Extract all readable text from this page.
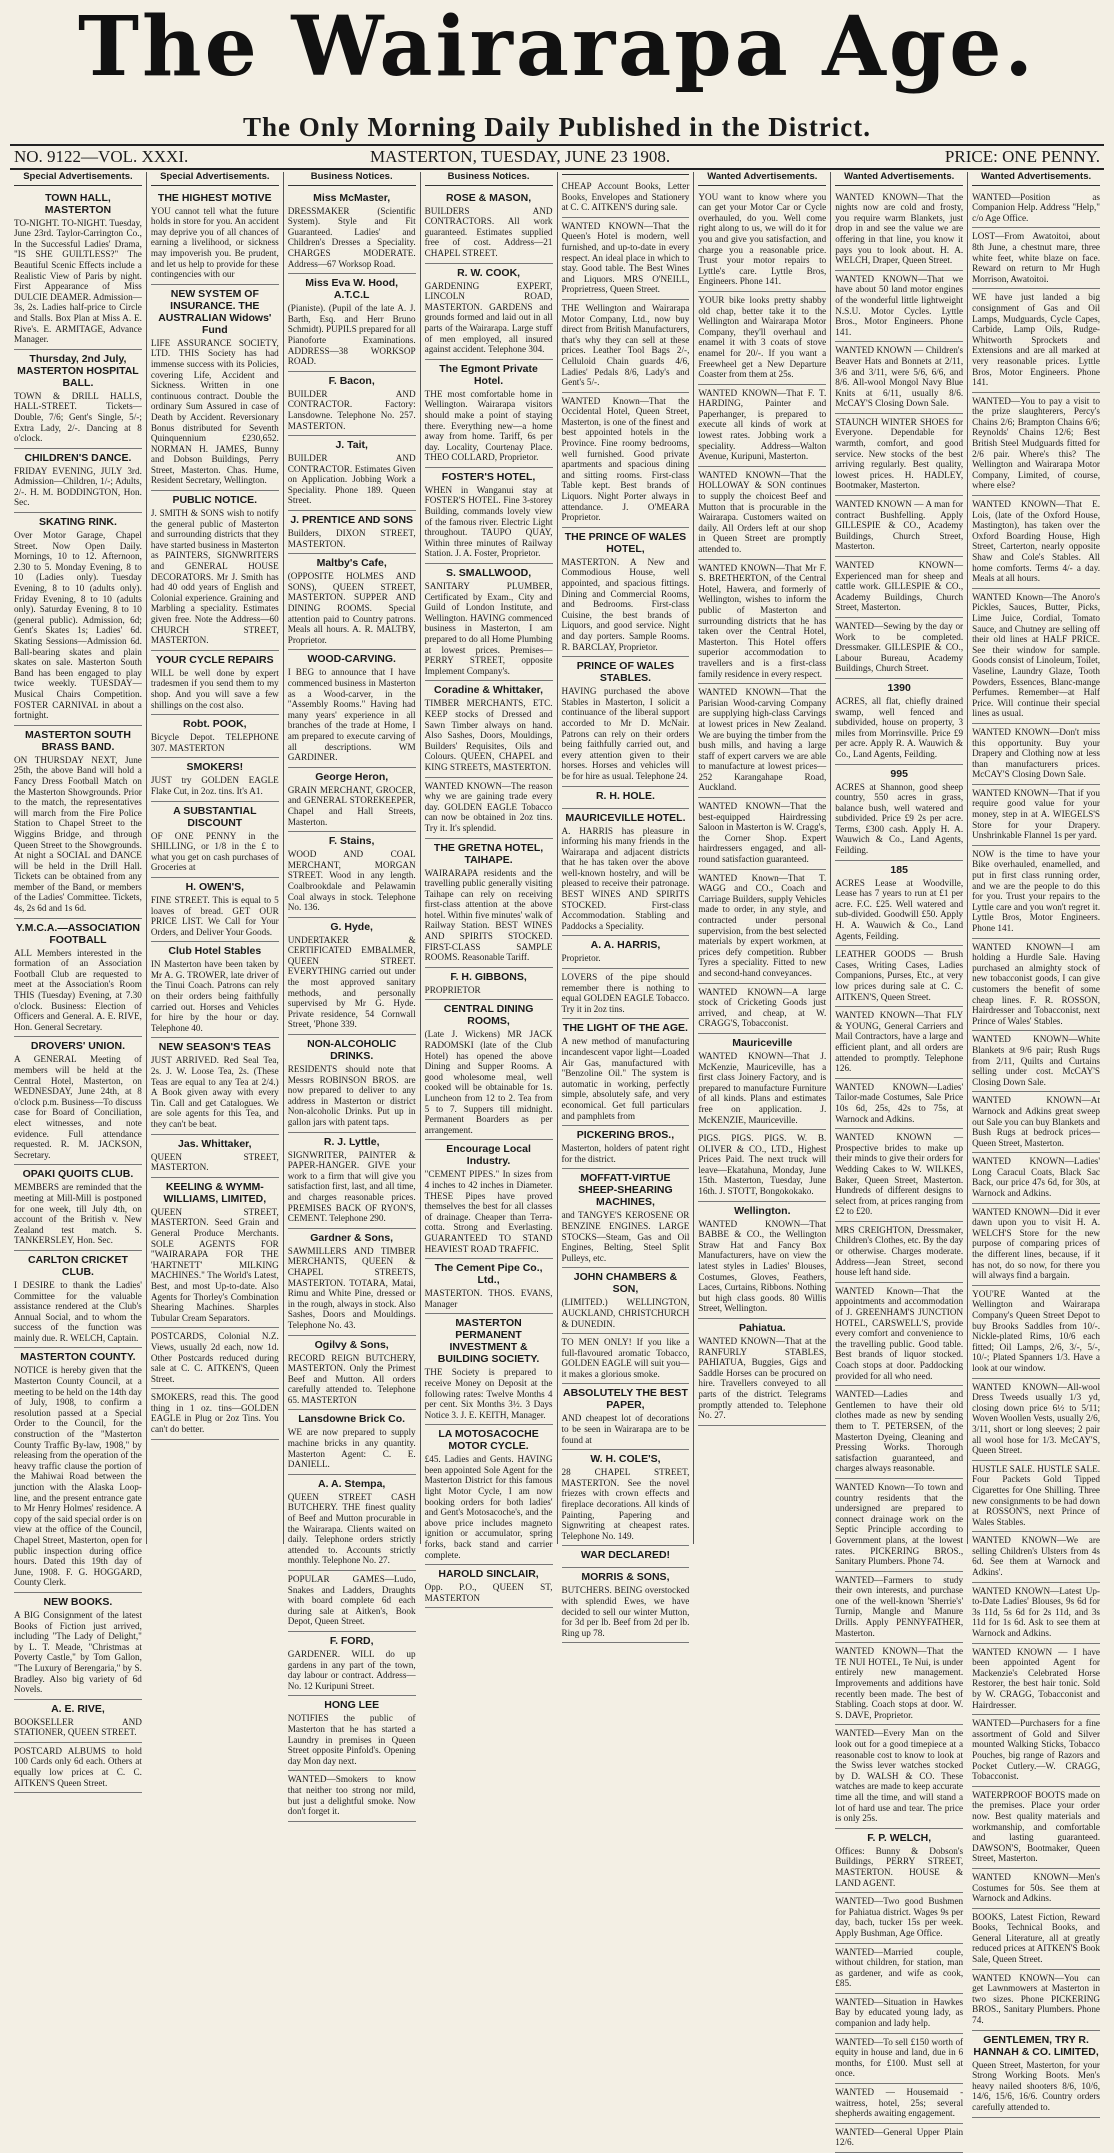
The Wairarapa Age.
The Only Morning Daily Published in the District.
NO. 9122—VOL. XXXI.	MASTERTON, TUESDAY, JUNE 23 1908.	PRICE: ONE PENNY.
Special Advertisements.
TOWN HALL, MASTERTON

TO-NIGHT. TO-NIGHT. Tuesday, June 23rd. Taylor-Carrington Co., In the Successful Ladies' Drama, "IS SHE GUILTLESS?" The Beautiful Scenic Effects include a Realistic View of Paris by night. First Appearance of Miss DULCIE DEAMER. Admission—3s, 2s. Ladies half-price to Circle and Stalls. Box Plan at Miss A. E. Rive's. E. ARMITAGE, Advance Manager.

Thursday, 2nd July, MASTERTON HOSPITAL BALL.

TOWN & DRILL HALLS, HALL-STREET. Tickets—Double, 7/6; Gent's Single, 5/-; Extra Lady, 2/-. Dancing at 8 o'clock.

CHILDREN'S DANCE.

FRIDAY EVENING, JULY 3rd. Admission—Children, 1/-; Adults, 2/-. H. M. BODDINGTON, Hon. Sec.

SKATING RINK.

Over Motor Garage, Chapel Street. Now Open Daily. Mornings, 10 to 12. Afternoon, 2.30 to 5. Monday Evening, 8 to 10 (Ladies only). Tuesday Evening, 8 to 10 (adults only). Friday Evening, 8 to 10 (adults only). Saturday Evening, 8 to 10 (general public). Admission, 6d; Gent's Skates 1s; Ladies' 6d. Skating Sessions—Admission 6d. Ball-bearing skates and plain skates on sale. Masterton South Band has been engaged to play twice weekly. TUESDAY—Musical Chairs Competition. FOSTER CARNIVAL in about a fortnight.

MASTERTON SOUTH BRASS BAND.

ON THURSDAY NEXT, June 25th, the above Band will hold a Fancy Dress Football Match on the Masterton Showgrounds. Prior to the match, the representatives will march from the Fire Police Station to Chapel Street to the Wiggins Bridge, and through Queen Street to the Showgrounds. At night a SOCIAL and DANCE will be held in the Drill Hall. Tickets can be obtained from any member of the Band, or members of the Ladies' Committee. Tickets, 4s, 2s 6d and 1s 6d.

Y.M.C.A.—ASSOCIATION FOOTBALL

ALL Members interested in the formation of an Association Football Club are requested to meet at the Association's Room THIS (Tuesday) Evening, at 7.30 o'clock. Business: Election of Officers and General. A. E. RIVE, Hon. General Secretary.

DROVERS' UNION.

A GENERAL Meeting of members will be held at the Central Hotel, Masterton, on WEDNESDAY, June 24th, at 8 o'clock p.m. Business—To discuss case for Board of Conciliation, elect witnesses, and note evidence. Full attendance requested. R. M. JACKSON, Secretary.

OPAKI QUOITS CLUB.

MEMBERS are reminded that the meeting at Mill-Mill is postponed for one week, till July 4th, on account of the British v. New Zealand test match. S. TANKERSLEY, Hon. Sec.

CARLTON CRICKET CLUB.

I DESIRE to thank the Ladies' Committee for the valuable assistance rendered at the Club's Annual Social, and to whom the success of the function was mainly due. R. WELCH, Captain.

MASTERTON COUNTY.

NOTICE is hereby given that the Masterton County Council, at a meeting to be held on the 14th day of July, 1908, to confirm a resolution passed at a Special Order to the Council, for the construction of the "Masterton County Traffic By-law, 1908," by releasing from the operation of the heavy traffic clause the portion of the Mahiwai Road between the junction with the Alaska Loop-line, and the present entrance gate to Mr Henry Holmes' residence. A copy of the said special order is on view at the office of the Council, Chapel Street, Masterton, open for public inspection during office hours. Dated this 19th day of June, 1908. F. G. HOGGARD, County Clerk.

NEW BOOKS.

A BIG Consignment of the latest Books of Fiction just arrived, including "The Lady of Delight," by L. T. Meade, "Christmas at Poverty Castle," by Tom Gallon, "The Luxury of Berengaria," by S. Bradley. Also big variety of 6d Novels.

A. E. RIVE,

BOOKSELLER AND STATIONER, QUEEN STREET.

POSTCARD ALBUMS to hold 100 Cards only 6d each. Others at equally low prices at C. C. AITKEN'S Queen Street.

Special Advertisements.
THE HIGHEST MOTIVE

YOU cannot tell what the future holds in store for you. An accident may deprive you of all chances of earning a livelihood, or sickness may impoverish you. Be prudent, and let us help to provide for these contingencies with our

NEW SYSTEM OF INSURANCE. THE AUSTRALIAN Widows' Fund

LIFE ASSURANCE SOCIETY, LTD. THIS Society has had immense success with its Policies, covering Life, Accident and Sickness. Written in one continuous contract. Double the ordinary Sum Assured in case of Death by Accident. Reversionary Bonus distributed for Seventh Quinquennium £230,652. NORMAN H. JAMES, Bunny and Dobson Buildings, Perry Street, Masterton. Chas. Hume, Resident Secretary, Wellington.

PUBLIC NOTICE.

J. SMITH & SONS wish to notify the general public of Masterton and surrounding districts that they have started business in Masterton as PAINTERS, SIGNWRITERS and GENERAL HOUSE DECORATORS. Mr J. Smith has had 40 odd years of English and Colonial experience. Graining and Marbling a speciality. Estimates given free. Note the Address—60 CHURCH STREET, MASTERTON.

YOUR CYCLE REPAIRS

WILL be well done by expert tradesmen if you send them to my shop. And you will save a few shillings on the cost also.

Robt. POOK,

Bicycle Depot. TELEPHONE 307. MASTERTON

SMOKERS!

JUST try GOLDEN EAGLE Flake Cut, in 2oz. tins. It's A1.

A SUBSTANTIAL DISCOUNT

OF ONE PENNY in the SHILLING, or 1/8 in the £ to what you get on cash purchases of Groceries at

H. OWEN'S,

FINE STREET. This is equal to 5 loaves of bread. GET OUR PRICE LIST. We Call for Your Orders, and Deliver Your Goods.

Club Hotel Stables

IN Masterton have been taken by Mr A. G. TROWER, late driver of the Tinui Coach. Patrons can rely on their orders being faithfully carried out. Horses and Vehicles for hire by the hour or day. Telephone 40.

NEW SEASON'S TEAS

JUST ARRIVED. Red Seal Tea, 2s. J. W. Loose Tea, 2s. (These Teas are equal to any Tea at 2/4.) A Book given away with every Tin. Call and get Catalogues. We are sole agents for this Tea, and they can't be beat.

Jas. Whittaker,

QUEEN STREET, MASTERTON.

KEELING & WYMM-WILLIAMS, LIMITED,

QUEEN STREET, MASTERTON. Seed Grain and General Produce Merchants. SOLE AGENTS FOR "WAIRARAPA FOR THE 'HARTNETT' MILKING MACHINES." The World's Latest, Best, and most Up-to-date. Also Agents for Thorley's Combination Shearing Machines. Sharples Tubular Cream Separators.

POSTCARDS, Colonial N.Z. Views, usually 2d each, now 1d. Other Postcards reduced during sale at C. C. AITKEN'S, Queen Street.

SMOKERS, read this. The good thing in 1 oz. tins—GOLDEN EAGLE in Plug or 2oz Tins. You can't do better.

Business Notices.
Miss McMaster,

DRESSMAKER (Scientific System). Style and Fit Guaranteed. Ladies' and Children's Dresses a Speciality. CHARGES MODERATE. Address—67 Worksop Road.

Miss Eva W. Hood, A.T.C.L

(Pianiste). (Pupil of the late A. J. Barth, Esq. and Herr Bruno Schmidt). PUPILS prepared for all Pianoforte Examinations. ADDRESS—38 WORKSOP ROAD.

F. Bacon,

BUILDER AND CONTRACTOR. Factory: Lansdowne. Telephone No. 257. MASTERTON.

J. Tait,

BUILDER AND CONTRACTOR. Estimates Given on Application. Jobbing Work a Speciality. Phone 189. Queen Street.

J. PRENTICE AND SONS

Builders, DIXON STREET, MASTERTON.

Maltby's Cafe,

(OPPOSITE HOLMES AND SONS), QUEEN STREET, MASTERTON. SUPPER AND DINING ROOMS. Special attention paid to Country patrons. Meals all hours. A. R. MALTBY, Proprietor.

WOOD-CARVING.

I BEG to announce that I have commenced business in Masterton as a Wood-carver, in the "Assembly Rooms." Having had many years' experience in all branches of the trade at Home, I am prepared to execute carving of all descriptions. WM GARDINER.

George Heron,

GRAIN MERCHANT, GROCER, and GENERAL STOREKEEPER, Chapel and Hall Streets, Masterton.

F. Stains,

WOOD AND COAL MERCHANT, MORGAN STREET. Wood in any length. Coalbrookdale and Pelawamin Coal always in stock. Telephone No. 136.

G. Hyde,

UNDERTAKER & CERTIFICATED EMBALMER, QUEEN STREET. EVERYTHING carried out under the most approved sanitary methods, and personally supervised by Mr G. Hyde. Private residence, 54 Cornwall Street, 'Phone 339.

NON-ALCOHOLIC DRINKS.

RESIDENTS should note that Messrs ROBINSON BROS. are now prepared to deliver to any address in Masterton or district Non-alcoholic Drinks. Put up in gallon jars with patent taps.

R. J. Lyttle,

SIGNWRITER, PAINTER & PAPER-HANGER. GIVE your work to a firm that will give you satisfaction first, last, and all time, and charges reasonable prices. PREMISES BACK OF RYON'S, CEMENT. Telephone 290.

Gardner & Sons,

SAWMILLERS AND TIMBER MERCHANTS, QUEEN & CHAPEL STREETS, MASTERTON. TOTARA, Matai, Rimu and White Pine, dressed or in the rough, always in stock. Also Sashes, Doors and Mouldings. Telephone No. 43.

Ogilvy & Sons,

RECORD REIGN BUTCHERY, MASTERTON. Only the Primest Beef and Mutton. All orders carefully attended to. Telephone 65. MASTERTON

Lansdowne Brick Co.

WE are now prepared to supply machine bricks in any quantity. Masterton Agent: C. E. DANIELL.

A. A. Stempa,

QUEEN STREET CASH BUTCHERY. THE finest quality of Beef and Mutton procurable in the Wairarapa. Clients waited on daily. Telephone orders strictly attended to. Accounts strictly monthly. Telephone No. 27.

POPULAR GAMES—Ludo, Snakes and Ladders, Draughts with board complete 6d each during sale at Aitken's, Book Depot, Queen Street.

F. FORD,

GARDENER. WILL do up gardens in any part of the town, day labour or contract. Address—No. 12 Kuripuni Street.

HONG LEE

NOTIFIES the public of Masterton that he has started a Laundry in premises in Queen Street opposite Pinfold's. Opening day Mon day next.

WANTED—Smokers to know that neither too strong nor mild, but just a delightful smoke. Now don't forget it.

Business Notices.
ROSE & MASON,

BUILDERS AND CONTRACTORS. All work guaranteed. Estimates supplied free of cost. Address—21 CHAPEL STREET.

R. W. COOK,

GARDENING EXPERT, LINCOLN ROAD, MASTERTON. GARDENS and grounds formed and laid out in all parts of the Wairarapa. Large stuff of men employed, all insured against accident. Telephone 304.

The Egmont Private Hotel.

THE most comfortable home in Wellington. Wairarapa visitors should make a point of staying there. Everything new—a home away from home. Tariff, 6s per day. Locality, Courtenay Place. THEO COLLARD, Proprietor.

FOSTER'S HOTEL,

WHEN in Wanganui stay at FOSTER'S HOTEL. Fine 3-storey Building, commands lovely view of the famous river. Electric Light throughout. TAUPO QUAY, Within three minutes of Railway Station. J. A. Foster, Proprietor.

S. SMALLWOOD,

SANITARY PLUMBER, Certificated by Exam., City and Guild of London Institute, and Wellington. HAVING commenced business in Masterton, I am prepared to do all Home Plumbing at lowest prices. Premises—PERRY STREET, opposite Implement Company's.

Coradine & Whittaker,

TIMBER MERCHANTS, ETC. KEEP stocks of Dressed and Sawn Timber always on hand. Also Sashes, Doors, Mouldings, Builders' Requisites, Oils and Colours. QUEEN, CHAPEL and KING STREETS, MASTERTON.

WANTED KNOWN—The reason why we are gaining trade every day. GOLDEN EAGLE Tobacco can now be obtained in 2oz tins. Try it. It's splendid.

THE GRETNA HOTEL, TAIHAPE.

WAIRARAPA residents and the travelling public generally visiting Taihape can rely on receiving first-class attention at the above hotel. Within five minutes' walk of Railway Station. BEST WINES AND SPIRITS STOCKED. FIRST-CLASS SAMPLE ROOMS. Reasonable Tariff.

F. H. GIBBONS,

PROPRIETOR

CENTRAL DINING ROOMS,

(Late J. Wickens) MR JACK RADOMSKI (late of the Club Hotel) has opened the above Dining and Supper Rooms. A good wholesome meal, well cooked will be obtainable for 1s. Luncheon from 12 to 2. Tea from 5 to 7. Suppers till midnight. Permanent Boarders as per arrangement.

Encourage Local Industry.

"CEMENT PIPES." In sizes from 4 inches to 42 inches in Diameter. THESE Pipes have proved themselves the best for all classes of drainage. Cheaper than Terra-cotta. Strong and Everlasting. GUARANTEED TO STAND HEAVIEST ROAD TRAFFIC.

The Cement Pipe Co., Ltd.,

MASTERTON. THOS. EVANS, Manager

MASTERTON PERMANENT INVESTMENT & BUILDING SOCIETY.

THE Society is prepared to receive Money on Deposit at the following rates: Twelve Months 4 per cent. Six Months 3½. 3 Days Notice 3. J. E. KEITH, Manager.

LA MOTOSACOCHE MOTOR CYCLE.

£45. Ladies and Gents. HAVING been appointed Sole Agent for the Masterton District for this famous light Motor Cycle, I am now booking orders for both ladies' and Gent's Motosacoche's, and the above price includes magneto ignition or accumulator, spring forks, back stand and carrier complete.

HAROLD SINCLAIR,

Opp. P.O., QUEEN ST, MASTERTON

CHEAP Account Books, Letter Books, Envelopes and Stationery at C. C. AITKEN'S during sale.

WANTED KNOWN—That the Queen's Hotel is modern, well furnished, and up-to-date in every respect. An ideal place in which to stay. Good table. The Best Wines and Liquors. MRS O'NEILL, Proprietress, Queen Street.

THE Wellington and Wairarapa Motor Company, Ltd., now buy direct from British Manufacturers, that's why they can sell at these prices. Leather Tool Bags 2/-, Celluloid Chain guards 4/6, Ladies' Pedals 8/6, Lady's and Gent's 5/-.

WANTED Known—That the Occidental Hotel, Queen Street, Masterton, is one of the finest and best appointed hotels in the Province. Fine roomy bedrooms, well furnished. Good private apartments and spacious dining and sitting rooms. First-class Table kept. Best brands of Liquors. Night Porter always in attendance. J. O'MEARA Proprietor.

THE PRINCE OF WALES HOTEL,

MASTERTON. A New and Commodious House, well appointed, and spacious fittings. Dining and Commercial Rooms, and Bedrooms. First-class Cuisine, the best brands of Liquors, and good service. Night and day porters. Sample Rooms. R. BARCLAY, Proprietor.

PRINCE OF WALES STABLES.

HAVING purchased the above Stables in Masterton, I solicit a continuance of the liberal support accorded to Mr D. McNair. Patrons can rely on their orders being faithfully carried out, and every attention given to their horses. Horses and vehicles will be for hire as usual. Telephone 24.

R. H. HOLE.
MAURICEVILLE HOTEL.

A. HARRIS has pleasure in informing his many friends in the Wairarapa and adjacent districts that he has taken over the above well-known hostelry, and will be pleased to receive their patronage. BEST WINES AND SPIRITS STOCKED. First-class Accommodation. Stabling and Paddocks a Speciality.

A. A. HARRIS,

Proprietor.

LOVERS of the pipe should remember there is nothing to equal GOLDEN EAGLE Tobacco. Try it in 2oz tins.

THE LIGHT OF THE AGE.

A new method of manufacturing incandescent vapor light—Loaded Air Gas, manufactured with "Benzoline Oil." The system is automatic in working, perfectly simple, absolutely safe, and very economical. Get full particulars and pamphlets from

PICKERING BROS.,

Masterton, holders of patent right for the district.

MOFFATT-VIRTUE SHEEP-SHEARING MACHINES,

and TANGYE'S KEROSENE OR BENZINE ENGINES. LARGE STOCKS—Steam, Gas and Oil Engines, Belting, Steel Split Pulleys, etc.

JOHN CHAMBERS & SON,

(LIMITED.) WELLINGTON, AUCKLAND, CHRISTCHURCH & DUNEDIN.

TO MEN ONLY! If you like a full-flavoured aromatic Tobacco, GOLDEN EAGLE will suit you—it makes a glorious smoke.

ABSOLUTELY THE BEST PAPER,

AND cheapest lot of decorations to be seen in Wairarapa are to be found at

W. H. COLE'S,

28 CHAPEL STREET, MASTERTON. See the novel friezes with crown effects and fireplace decorations. All kinds of Painting, Papering and Signwriting at cheapest rates. Telephone No. 149.

WAR DECLARED!
MORRIS & SONS,

BUTCHERS. BEING overstocked with splendid Ewes, we have decided to sell our winter Mutton, for 3d per lb. Beef from 2d per lb. Ring up 78.

Wanted Advertisements.

YOU want to know where you can get your Motor Car or Cycle overhauled, do you. Well come right along to us, we will do it for you and give you satisfaction, and charge you a reasonable price. Trust your motor repairs to Lyttle's care. Lyttle Bros, Engineers. Phone 141.

YOUR bike looks pretty shabby old chap, better take it to the Wellington and Wairarapa Motor Company, they'll overhaul and enamel it with 3 coats of stove enamel for 20/-. If you want a Freewheel get a New Departure Coaster from them at 25s.

WANTED KNOWN—That F. T. HARDING, Painter and Paperhanger, is prepared to execute all kinds of work at lowest rates. Jobbing work a speciality. Address—Walton Avenue, Kuripuni, Masterton.

WANTED KNOWN—That the HOLLOWAY & SON continues to supply the choicest Beef and Mutton that is procurable in the Wairarapa. Customers waited on daily. All Orders left at our shop in Queen Street are promptly attended to.

WANTED KNOWN—That Mr F. S. BRETHERTON, of the Central Hotel, Hawera, and formerly of Wellington, wishes to inform the public of Masterton and surrounding districts that he has taken over the Central Hotel, Masterton. This Hotel offers superior accommodation to travellers and is a first-class family residence in every respect.

WANTED KNOWN—That the Parisian Wood-carving Company are supplying high-class Carvings at lowest prices in New Zealand. We are buying the timber from the bush mills, and having a large staff of expert carvers we are able to manufacture at lowest prices—252 Karangahape Road, Auckland.

WANTED KNOWN—That the best-equipped Hairdressing Saloon in Masterton is W. Cragg's, the Corner Shop. Expert hairdressers engaged, and all-round satisfaction guaranteed.

WANTED Known—That T. WAGG and CO., Coach and Carriage Builders, supply Vehicles made to order, in any style, and contracted under personal supervision, from the best selected materials by expert workmen, at prices defy competition. Rubber Tyres a speciality. Fitted to new and second-hand conveyances.

WANTED KNOWN—A large stock of Cricketing Goods just arrived, and cheap, at W. CRAGG'S, Tobacconist.

Mauriceville

WANTED KNOWN—That J. McKenzie, Mauriceville, has a first class Joinery Factory, and is prepared to manufacture Furniture of all kinds. Plans and estimates free on application. J. McKENZIE, Mauriceville.

PIGS. PIGS. PIGS. W. B. OLIVER & CO., LTD., Highest Prices Paid. The next truck will leave—Ekatahuna, Monday, June 15th. Masterton, Tuesday, June 16th. J. STOTT, Bongokokako.

Wellington.

WANTED KNOWN—That BABBE & CO., the Wellington Straw Hat and Fancy Box Manufacturers, have on view the latest styles in Ladies' Blouses, Costumes, Gloves, Feathers, Laces, Curtains, Ribbons. Nothing but high class goods. 80 Willis Street, Wellington.

Pahiatua.

WANTED KNOWN—That at the RANFURLY STABLES, PAHIATUA, Buggies, Gigs and Saddle Horses can be procured on hire. Travellers conveyed to all parts of the district. Telegrams promptly attended to. Telephone No. 27.

Wanted Advertisements.

WANTED KNOWN—That the nights now are cold and frosty, you require warm Blankets, just drop in and see the value we are offering in that line, you know it pays you to look about. H. A. WELCH, Draper, Queen Street.

WANTED KNOWN—That we have about 50 land motor engines of the wonderful little lightweight N.S.U. Motor Cycles. Lyttle Bros., Motor Engineers. Phone 141.

WANTED KNOWN — Children's Beaver Hats and Bonnets at 2/11, 3/6 and 3/11, were 5/6, 6/6, and 8/6. All-wool Mongol Navy Blue Knits at 6/11, usually 8/6. McCAY'S Closing Down Sale.

STAUNCH WINTER SHOES for Everyone. Dependable for warmth, comfort, and good service. New stocks of the best arriving regularly. Best quality, lowest prices. H. HADLEY, Bootmaker, Masterton.

WANTED KNOWN — A man for contract Bushfelling. Apply GILLESPIE & CO., Academy Buildings, Church Street, Masterton.

WANTED KNOWN—Experienced man for sheep and cattle work. GILLESPIE & CO., Academy Buildings, Church Street, Masterton.

WANTED—Sewing by the day or Work to be completed. Dressmaker. GILLESPIE & CO., Labour Bureau, Academy Buildings, Church Street.

1390

ACRES, all flat, chiefly drained swamp, well fenced and subdivided, house on property, 3 miles from Morrinsville. Price £9 per acre. Apply R. A. Wauwich & Co., Land Agents, Feilding.

995

ACRES at Shannon, good sheep country, 550 acres in grass, balance bush, well watered and subdivided. Price £9 2s per acre. Terms, £300 cash. Apply H. A. Wauwich & Co., Land Agents, Feilding.

185

ACRES Lease at Woodville, Lease has 7 years to run at £1 per acre. F.C. £25. Well watered and sub-divided. Goodwill £50. Apply H. A. Wauwich & Co., Land Agents, Feilding.

LEATHER GOODS — Brush Cases, Writing Cases, Ladies Companions, Purses, Etc., at very low prices during sale at C. C. AITKEN'S, Queen Street.

WANTED KNOWN—That FLY & YOUNG, General Carriers and Mail Contractors, have a large and efficient plant, and all orders are attended to promptly. Telephone 126.

WANTED KNOWN—Ladies' Tailor-made Costumes, Sale Price 10s 6d, 25s, 42s to 75s, at Warnock and Adkins.

WANTED KNOWN — Prospective brides to make up their minds to give their orders for Wedding Cakes to W. WILKES, Baker, Queen Street, Masterton. Hundreds of different designs to select from, at prices ranging from £2 to £20.

MRS CREIGHTON, Dressmaker, Children's Clothes, etc. By the day or otherwise. Charges moderate. Address—Jean Street, second house left hand side.

WANTED Known—That the appointments and accommodation of J. GREENHAM'S JUNCTION HOTEL, CARSWELL'S, provide every comfort and convenience to the travelling public. Good table. Best brands of liquor stocked. Coach stops at door. Paddocking provided for all who need.

WANTED—Ladies and Gentlemen to have their old clothes made as new by sending them to T. PETERSEN, of the Masterton Dyeing, Cleaning and Pressing Works. Thorough satisfaction guaranteed, and charges always reasonable.

WANTED Known—To town and country residents that the undersigned are prepared to connect drainage work on the Septic Principle according to Government plans, at the lowest rates. PICKERING BROS., Sanitary Plumbers. Phone 74.

WANTED—Farmers to study their own interests, and purchase one of the well-known 'Sherrie's' Turnip, Mangle and Manure Drills. Apply PENNYFATHER, Masterton.

WANTED KNOWN—That the TE NUI HOTEL, Te Nui, is under entirely new management. Improvements and additions have recently been made. The best of Stabling. Coach stops at door. W. S. DAVE, Proprietor.

WANTED—Every Man on the look out for a good timepiece at a reasonable cost to know to look at the Swiss lever watches stocked by D. WALSH & CO. These watches are made to keep accurate time all the time, and will stand a lot of hard use and tear. The price is only 25s.

F. P. WELCH,

Offices: Bunny & Dobson's Buildings, PERRY STREET, MASTERTON. HOUSE & LAND AGENT.

WANTED—Two good Bushmen for Pahiatua district. Wages 9s per day, bach, tucker 15s per week. Apply Bushman, Age Office.

WANTED—Married couple, without children, for station, man as gardener, and wife as cook, £85.

WANTED—Situation in Hawkes Bay by educated young lady, as companion and lady help.

WANTED—To sell £150 worth of equity in house and land, due in 6 months, for £100. Must sell at once.

WANTED — Housemaid - waitress, hotel, 25s; several shepherds awaiting engagement.

WANTED—General Upper Plain 12/6.

Wanted Advertisements.

WANTED—Position as Companion Help. Address "Help," c/o Age Office.

LOST—From Awatoitoi, about 8th June, a chestnut mare, three white feet, white blaze on face. Reward on return to Mr Hugh Morrison, Awatoitoi.

WE have just landed a big consignment of Gas and Oil Lamps, Mudguards, Cycle Capes, Carbide, Lamp Oils, Rudge-Whitworth Sprockets and Extensions and are all marked at very reasonable prices. Lyttle Bros, Motor Engineers. Phone 141.

WANTED—You to pay a visit to the prize slaughterers, Percy's Chains 2/6; Brampton Chains 6/6; Reynolds' Chains 12/6; Best British Steel Mudguards fitted for 2/6 pair. Where's this? The Wellington and Wairarapa Motor Company, Limited, of course, where else?

WANTED KNOWN—That E. Lois, (late of the Oxford House, Mastington), has taken over the Oxford Boarding House, High Street, Carterton, nearly opposite Shaw and Cole's Stables. All home comforts. Terms 4/- a day. Meals at all hours.

WANTED Known—The Anoro's Pickles, Sauces, Butter, Picks, Lime Juice, Cordial, Tomato Sauce, and Chutney are selling off their old lines at HALF PRICE. See their window for sample. Goods consist of Linoleum, Toilet, Vaseline, Laundry Glaze, Tooth Powders, Essences, Blanc-mange Perfumes. Remember—at Half Price. Will continue their special lines as usual.

WANTED KNOWN—Don't miss this opportunity. Buy your Drapery and Clothing now at less than manufacturers prices. McCAY'S Closing Down Sale.

WANTED KNOWN—That if you require good value for your money, step in at A. WIEGELS'S Store for your Drapery. Unshrinkable Flannel 1s per yard.

NOW is the time to have your Bike overhauled, enamelled, and put in first class running order, and we are the people to do this for you. Trust your repairs to the Lyttle care and you won't regret it. Lyttle Bros, Motor Engineers. Phone 141.

WANTED KNOWN—I am holding a Hurdle Sale. Having purchased an almighty stock of new tobacconist goods, I can give customers the benefit of some cheap lines. F. R. ROSSON, Hairdresser and Tobacconist, next Prince of Wales' Stables.

WANTED KNOWN—White Blankets at 9/6 pair; Rush Rugs from 2/11, Quilts and Curtains selling under cost. McCAY'S Closing Down Sale.

WANTED KNOWN—At Warnock and Adkins great sweep out Sale you can buy Blankets and Bush Rugs at bedrock prices—Queen Street, Masterton.

WANTED KNOWN—Ladies' Long Caracul Coats, Black Sac Back, our price 47s 6d, for 30s, at Warnock and Adkins.

WANTED KNOWN—Did it ever dawn upon you to visit H. A. WELCH'S Store for the new purpose of comparing prices of the different lines, because, if it has not, do so now, for there you will always find a bargain.

YOU'RE Wanted at the Wellington and Wairarapa Company's Queen Street Depot to buy Brooks Saddles from 10/-. Nickle-plated Rims, 10/6 each fitted; Oil Lamps, 2/6, 3/-, 5/-, 10/-; Plated Spanners 1/3. Have a look at our window.

WANTED KNOWN—All-wool Dress Tweeds usually 1/3 yd, closing down price 6½ to 5/11; Woven Woollen Vests, usually 2/6, 3/11, short or long sleeves; 2 pair all wool hose for 1/3. McCAY'S, Queen Street.

HUSTLE SALE. HUSTLE SALE. Four Packets Gold Tipped Cigarettes for One Shilling. Three new consignments to be had down at ROSSON'S, next Prince of Wales Stables.

WANTED KNOWN—We are selling Children's Ulsters from 4s 6d. See them at Warnock and Adkins'.

WANTED KNOWN—Latest Up-to-Date Ladies' Blouses, 9s 6d for 3s 11d, 5s 6d for 2s 11d, and 3s 11d for 1s 6d. Ask to see them at Warnock and Adkins.

WANTED KNOWN — I have been appointed Agent for Mackenzie's Celebrated Horse Restorer, the best hair tonic. Sold by W. CRAGG, Tobacconist and Hairdresser.

WANTED—Purchasers for a fine assortment of Gold and Silver mounted Walking Sticks, Tobacco Pouches, big range of Razors and Pocket Cutlery.—W. CRAGG, Tobacconist.

WATERPROOF BOOTS made on the premises. Place your order now. Best quality materials and workmanship, and comfortable and lasting guaranteed. DAWSON'S, Bootmaker, Queen Street, Masterton.

WANTED KNOWN—Men's Costumes for 50s. See them at Warnock and Adkins.

BOOKS, Latest Fiction, Reward Books, Technical Books, and General Literature, all at greatly reduced prices at AITKEN'S Book Sale, Queen Street.

WANTED KNOWN—You can get Lawnmowers at Masterton in two sizes. Phone PICKERING BROS., Sanitary Plumbers. Phone 74.

GENTLEMEN, TRY R. HANNAH & CO. LIMITED,

Queen Street, Masterton, for your Strong Working Boots. Men's heavy nailed shooters 8/6, 10/6, 14/6, 15/6, 16/6. Country orders carefully attended to.
